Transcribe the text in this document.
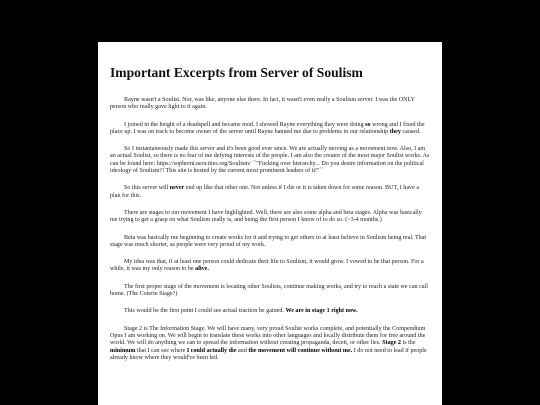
Important Excerpts from Server of Soulism

Rayne wasn't a Soulist. Nor, was like, anyone else there. In fact, it wasn't even really a Soulism server. I was the ONLY person who really gave light to it again.

I joined in the height of a deadspell and became mod. I showed Rayne everything they were doing so wrong and I fixed the place up. I was on track to become owner of the server until Rayne banned me due to problems in our relationship they caused.

So I instantaneously made this server and it's been good ever since. We are actually moving as a movement now. Also, I am an actual Soulist, so there is no fear of me defying interests of the people. I am also the creator of the most major Soulist works. As can be found here: https://sophreni.neocities.org/Soulism/ ``"Fucking over hierarchy... Do you desire information on the political ideology of Soulism?! This site is hosted by the current most prominent leaders of it!"``

So this server will never end up like that other one. Not unless if I die or it is taken down for some reason. BUT, I have a plan for this.

There are stages to our movement I have highlighted. Well, there are also some alpha and beta stages. Alpha was basically me trying to get a grasp on what Soulism really is, and being the first person I know of to do so. (~3-4 months.)

Beta was basically me beginning to create works for it and trying to get others to at least believe in Soulism being real. That stage was much shorter, as people were very proud of my work.

My idea was that, if at least one person could dedicate their life to Soulism, it would grow. I vowed to be that person. For a while, it was my only reason to be alive.

The first proper stage of the movement is locating other Soulists, continue making works, and try to reach a state we can call home. (The Coterie Stage?)

This would be the first point I could see actual traction be gained. We are in stage 1 right now.

Stage 2 is The Information Stage. We will have many, very proud Soulist works complete, and potentially the Compendium Opus I am working on. We will begin to translate these works into other languages and locally distribute them for free around the world. We will do anything we can to spread the information without creating propaganda, deceit, or other lies. Stage 2 is the minimum that I can see where I could actually die and the movement will continue without me. I do not need to lead if people already know where they would've been led.
